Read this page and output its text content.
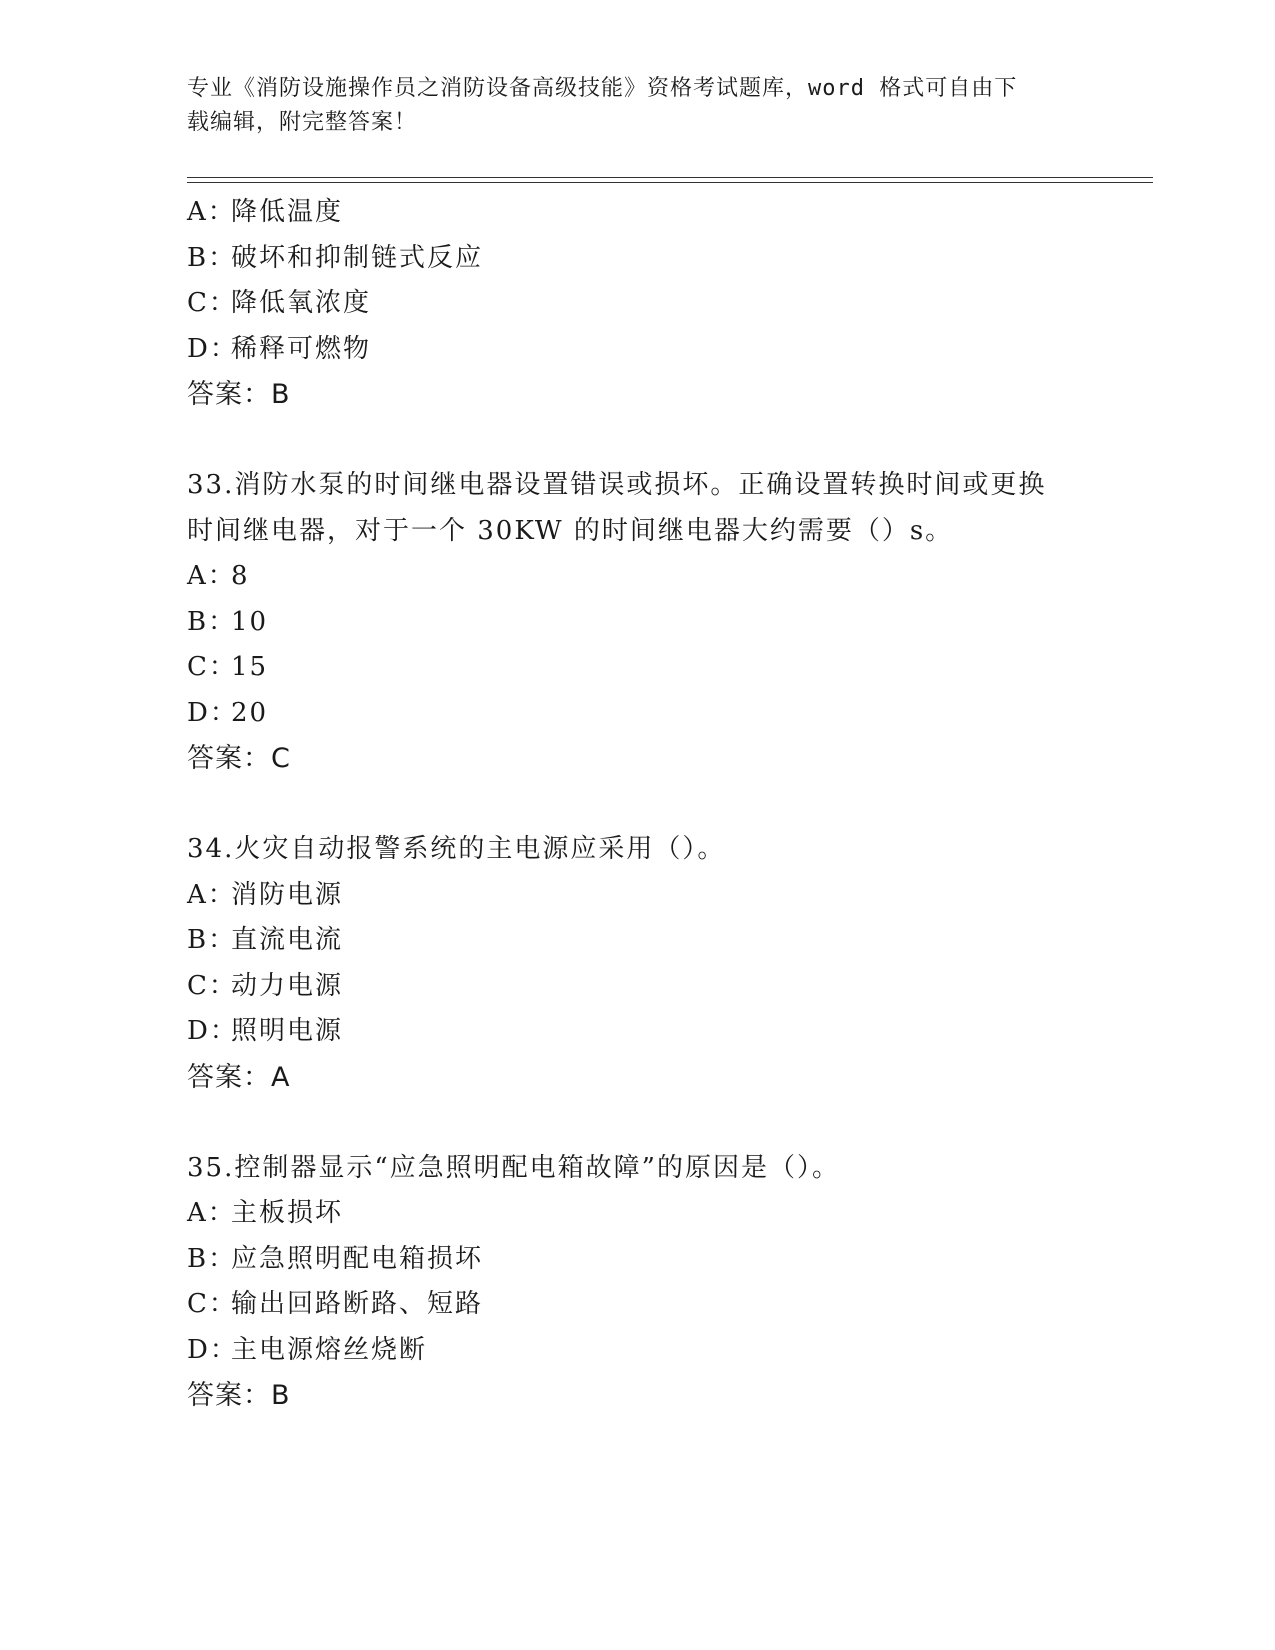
专业《消防设施操作员之消防设备高级技能》资格考试题库，word 格式可自由下
载编辑，附完整答案！
A：降低温度
B：破坏和抑制链式反应
C：降低氧浓度
D：稀释可燃物
答案：B
33.消防水泵的时间继电器设置错误或损坏。正确设置转换时间或更换
时间继电器，对于一个 30KW 的时间继电器大约需要（）s。
A：8
B：10
C：15
D：20
答案：C
34.火灾自动报警系统的主电源应采用（）。
A：消防电源
B：直流电流
C：动力电源
D：照明电源
答案：A
35.控制器显示“应急照明配电箱故障”的原因是（）。
A：主板损坏
B：应急照明配电箱损坏
C：输出回路断路、短路
D：主电源熔丝烧断
答案：B
